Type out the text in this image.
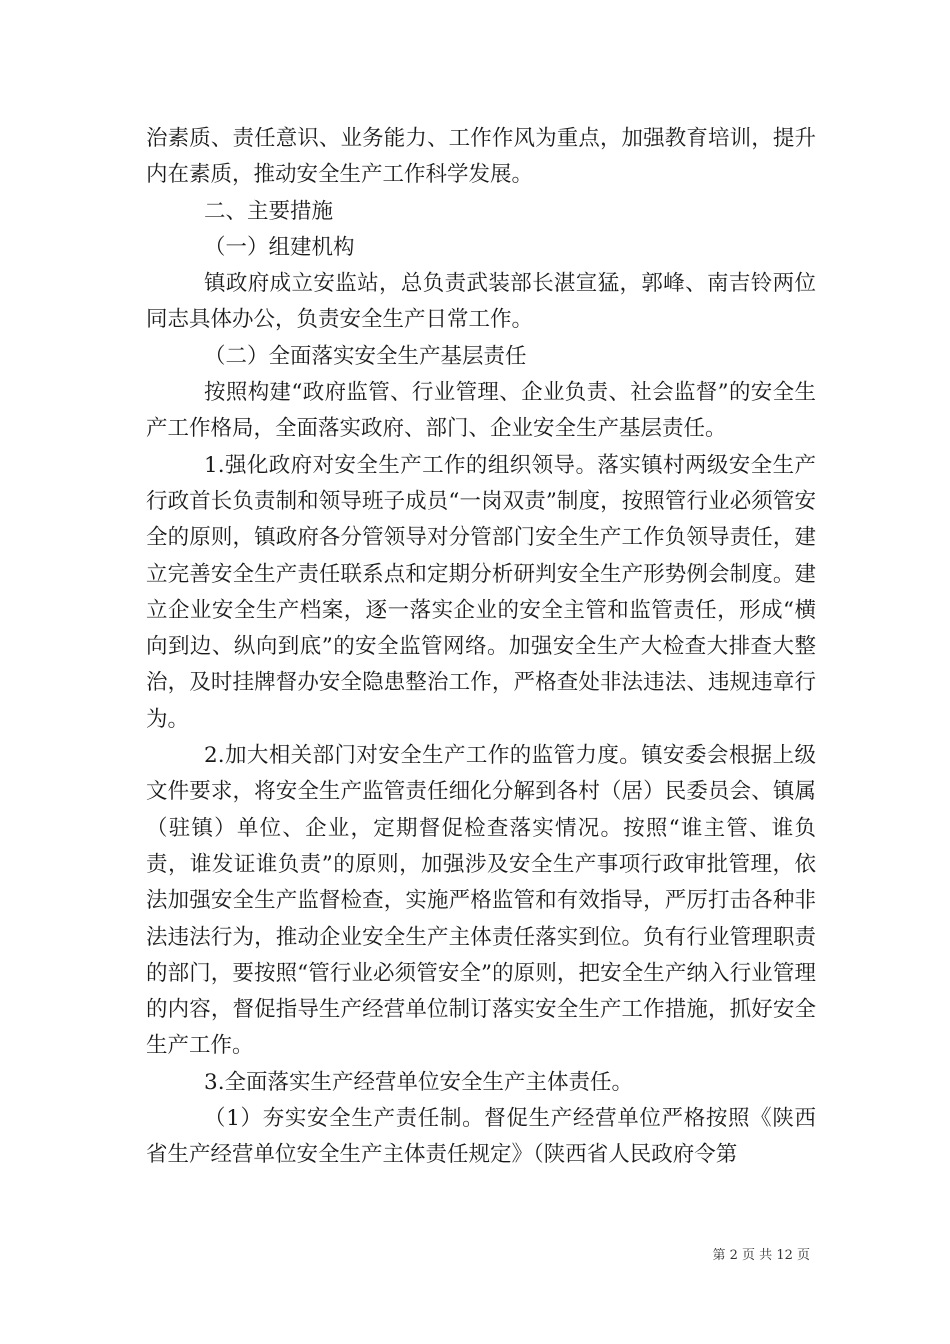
治素质、责任意识、业务能力、工作作风为重点，加强教育培训，提升内在素质，推动安全生产工作科学发展。

二、主要措施

（一）组建机构

镇政府成立安监站，总负责武装部长湛宣猛，郭峰、南吉铃两位同志具体办公，负责安全生产日常工作。

（二）全面落实安全生产基层责任

按照构建“政府监管、行业管理、企业负责、社会监督”的安全生产工作格局，全面落实政府、部门、企业安全生产基层责任。

1.强化政府对安全生产工作的组织领导。落实镇村两级安全生产行政首长负责制和领导班子成员“一岗双责”制度，按照管行业必须管安全的原则，镇政府各分管领导对分管部门安全生产工作负领导责任，建立完善安全生产责任联系点和定期分析研判安全生产形势例会制度。建立企业安全生产档案，逐一落实企业的安全主管和监管责任，形成“横向到边、纵向到底”的安全监管网络。加强安全生产大检查大排查大整治，及时挂牌督办安全隐患整治工作，严格查处非法违法、违规违章行为。

2.加大相关部门对安全生产工作的监管力度。镇安委会根据上级文件要求，将安全生产监管责任细化分解到各村（居）民委员会、镇属（驻镇）单位、企业，定期督促检查落实情况。按照“谁主管、谁负责，谁发证谁负责”的原则，加强涉及安全生产事项行政审批管理，依法加强安全生产监督检查，实施严格监管和有效指导，严厉打击各种非法违法行为，推动企业安全生产主体责任落实到位。负有行业管理职责的部门，要按照“管行业必须管安全”的原则，把安全生产纳入行业管理的内容，督促指导生产经营单位制订落实安全生产工作措施，抓好安全生产工作。

3.全面落实生产经营单位安全生产主体责任。

（1）夯实安全生产责任制。督促生产经营单位严格按照《陕西省生产经营单位安全生产主体责任规定》（陕西省人民政府令第

第 2 页 共 12 页
